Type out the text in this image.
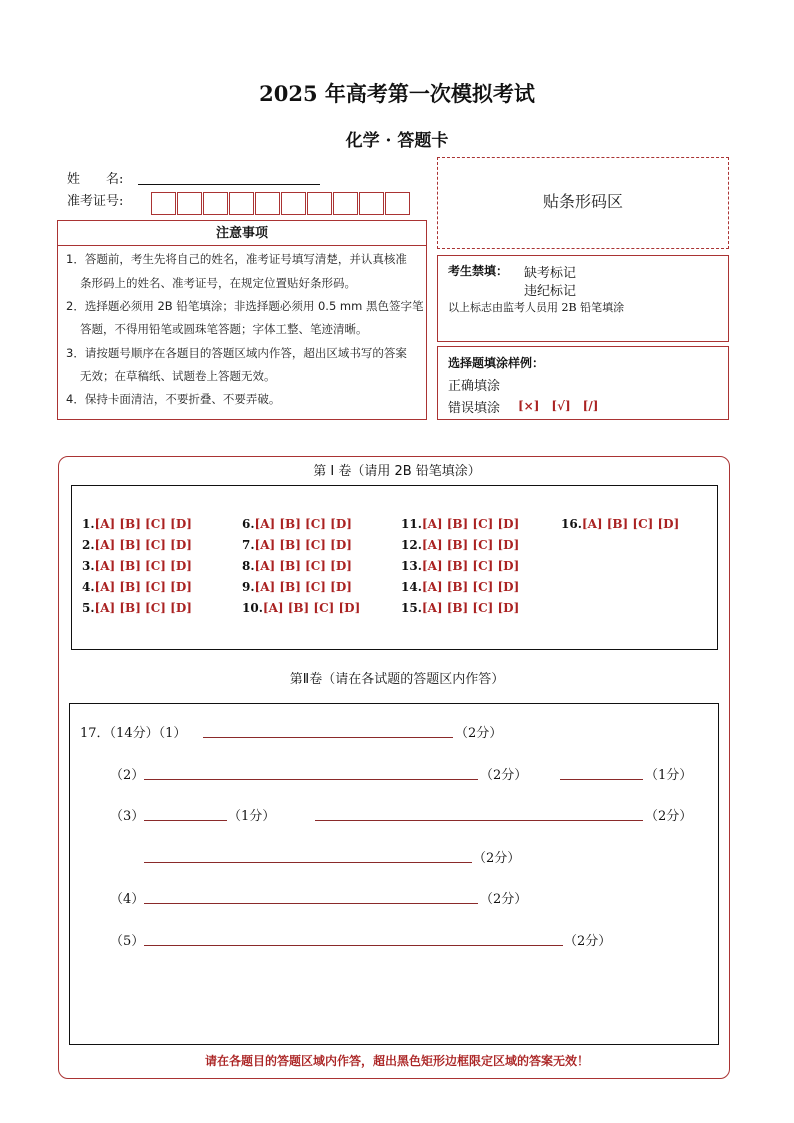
2025 年高考第一次模拟考试
化学 · 答题卡
姓　　名:
准考证号:
注意事项
1．答题前，考生先将自己的姓名，准考证号填写清楚，并认真核准
条形码上的姓名、准考证号，在规定位置贴好条形码。
2．选择题必须用 2B 铅笔填涂；非选择题必须用 0.5 mm 黑色签字笔
答题，不得用铅笔或圆珠笔答题；字体工整、笔迹清晰。
3．请按题号顺序在各题目的答题区域内作答，超出区域书写的答案
无效；在草稿纸、试题卷上答题无效。
4．保持卡面清洁，不要折叠、不要弄破。
贴条形码区
考生禁填： 缺考标记
违纪标记
以上标志由监考人员用 2B 铅笔填涂
选择题填涂样例：
正确填涂
错误填涂 [×]　[√]　[/]
第 I 卷（请用 2B 铅笔填涂）
1.[A] [B] [C] [D]
2.[A] [B] [C] [D]
3.[A] [B] [C] [D]
4.[A] [B] [C] [D]
5.[A] [B] [C] [D]
6.[A] [B] [C] [D]
7.[A] [B] [C] [D]
8.[A] [B] [C] [D]
9.[A] [B] [C] [D]
10.[A] [B] [C] [D]
11.[A] [B] [C] [D]
12.[A] [B] [C] [D]
13.[A] [B] [C] [D]
14.[A] [B] [C] [D]
15.[A] [B] [C] [D]
16.[A] [B] [C] [D]
第Ⅱ卷（请在各试题的答题区内作答）
17．（14分）（1）	（2分）
（2）	（2分）	（1分）
（3）	（1分）	（2分）
（2分）
（4）	（2分）
（5）	（2分）
请在各题目的答题区域内作答，超出黑色矩形边框限定区域的答案无效！
